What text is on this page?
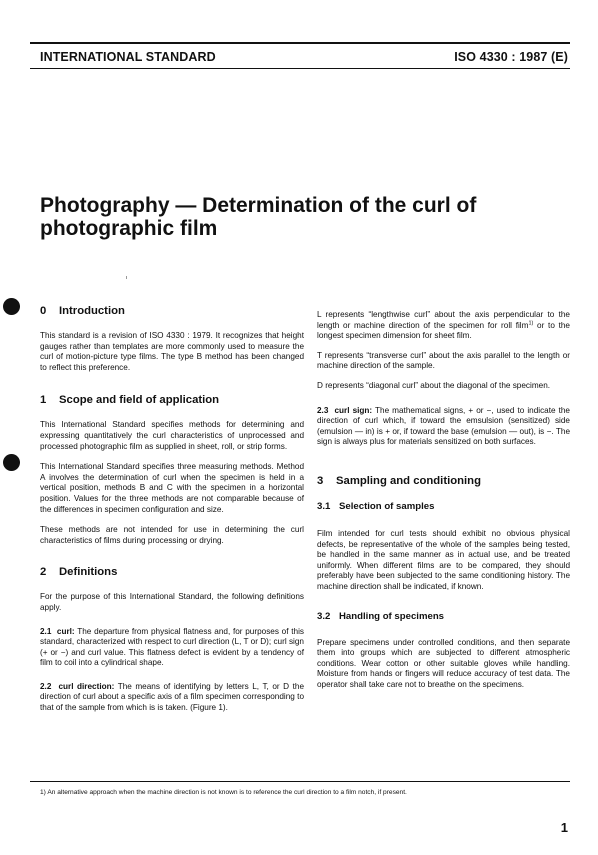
INTERNATIONAL STANDARD	ISO 4330 : 1987 (E)
Photography — Determination of the curl of
photographic film
0 Introduction

This standard is a revision of ISO 4330 : 1979. It recognizes that height gauges rather than templates are more commonly used to measure the curl of motion-picture type films. The type B method has been changed to reflect this preference.

1 Scope and field of application

This International Standard specifies methods for determining and expressing quantitatively the curl characteristics of unprocessed and processed photographic film as supplied in sheet, roll, or strip forms.

This International Standard specifies three measuring methods. Method A involves the determination of curl when the specimen is held in a vertical position, methods B and C with the specimen in a horizontal position. Values for the three methods are not comparable because of the differences in specimen configuration and size.

These methods are not intended for use in determining the curl characteristics of films during processing or drying.

2 Definitions

For the purpose of this International Standard, the following definitions apply.

2.1 curl: The departure from physical flatness and, for purposes of this standard, characterized with respect to curl direction (L, T or D); curl sign (+ or −) and curl value. This flatness defect is evident by a tendency of film to coil into a cylindrical shape.

2.2 curl direction: The means of identifying by letters L, T, or D the direction of curl about a specific axis of a film specimen corresponding to that of the sample from which is is taken. (Figure 1).

L represents “lengthwise curl” about the axis perpendicular to the length or machine direction of the specimen for roll film$^{1)}$ or to the longest specimen dimension for sheet film.

T represents “transverse curl” about the axis parallel to the length or machine direction of the sample.

D represents “diagonal curl” about the diagonal of the specimen.

2.3 curl sign: The mathematical signs, + or −, used to indicate the direction of curl which, if toward the emsulsion (sensitized) side (emulsion — in) is + or, if toward the base (emulsion — out), is −. The sign is always plus for materials sensitized on both surfaces.

3 Sampling and conditioning
3.1 Selection of samples

Film intended for curl tests should exhibit no obvious physical defects, be representative of the whole of the samples being tested, be handled in the same manner as in actual use, and be treated uniformly. When different films are to be compared, they should preferably have been subjected to the same conditioning history. The machine direction shall be indicated, if known.

3.2 Handling of specimens

Prepare specimens under controlled conditions, and then separate them into groups which are subjected to different atmospheric conditions. Wear cotton or other suitable gloves while handling. Moisture from hands or fingers will reduce accuracy of test data. The operator shall take care not to breathe on the specimens.

1) An alternative approach when the machine direction is not known is to reference the curl direction to a film notch, if present.
1
